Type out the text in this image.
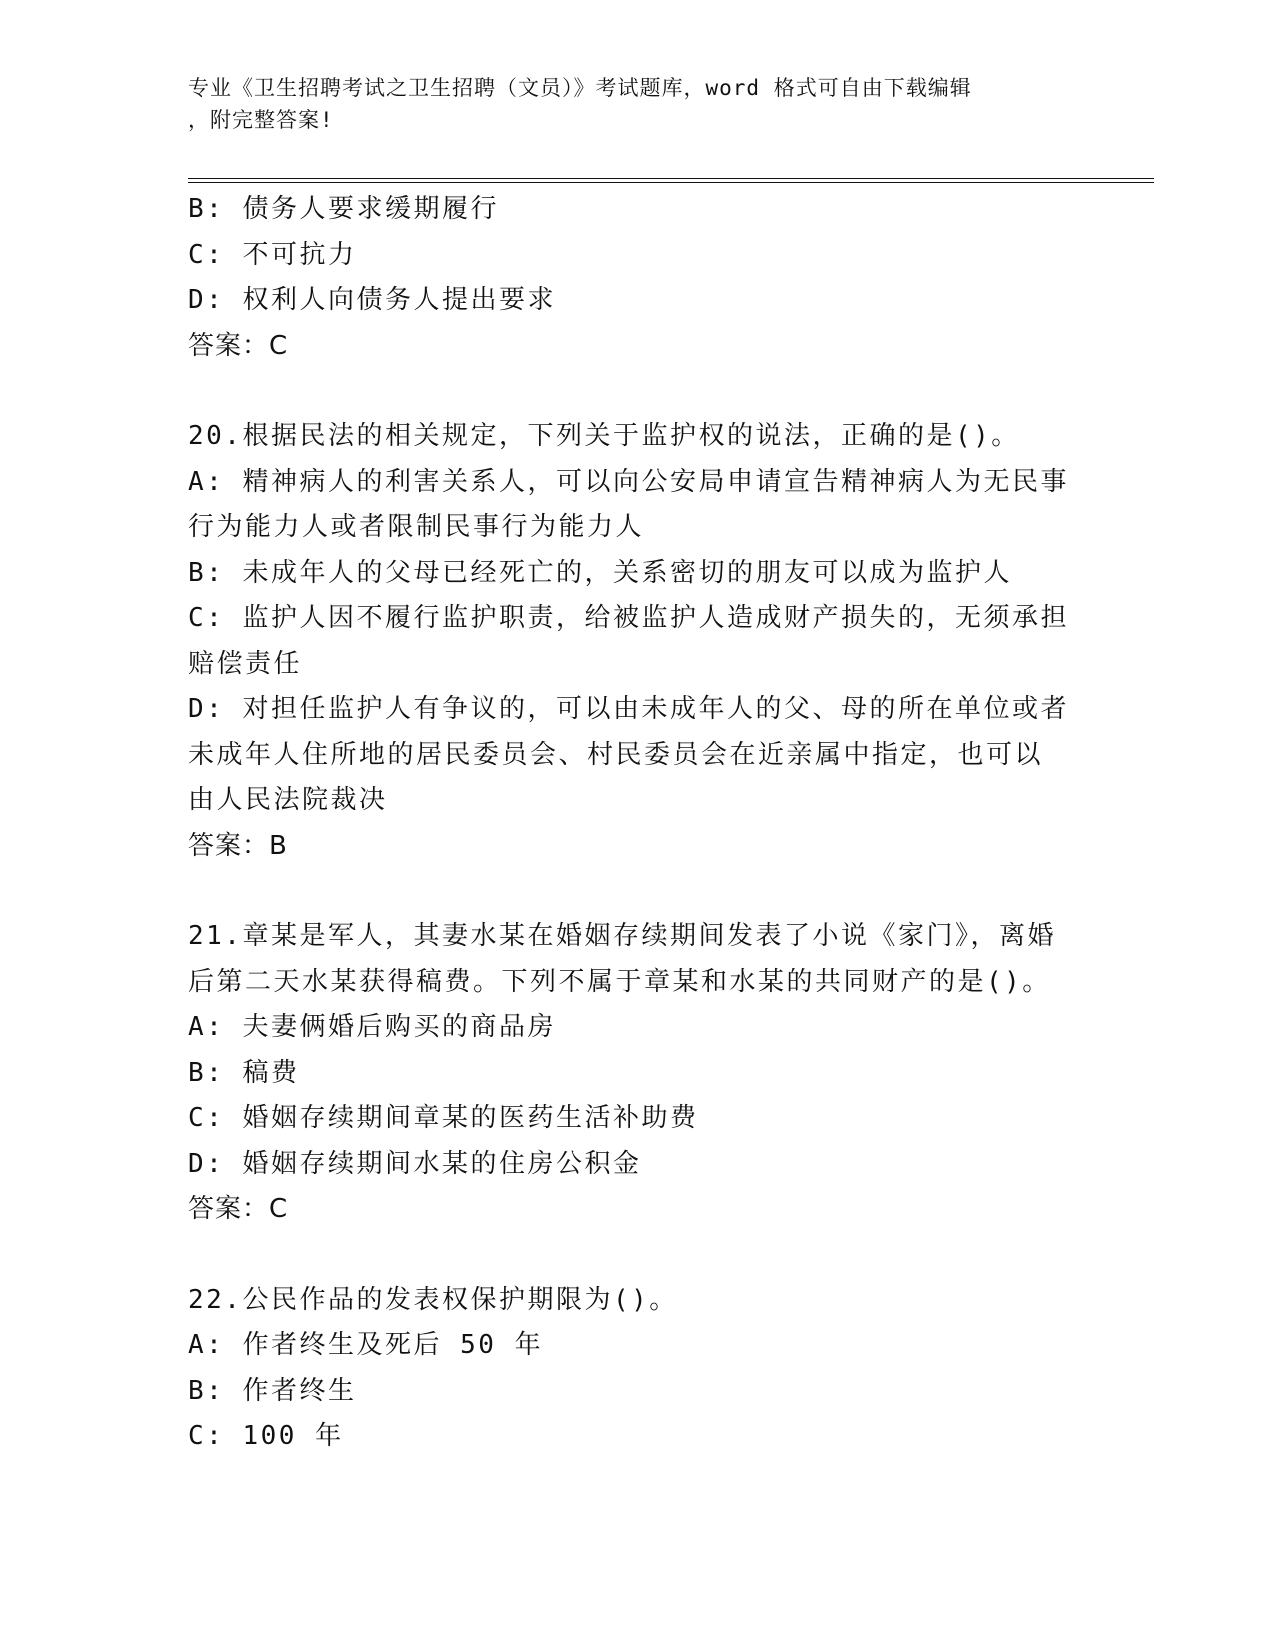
专业《卫生招聘考试之卫生招聘（文员）》考试题库，word 格式可自由下载编辑
，附完整答案!
B: 债务人要求缓期履行
C: 不可抗力
D: 权利人向债务人提出要求
答案：C
20.根据民法的相关规定，下列关于监护权的说法，正确的是()。
A: 精神病人的利害关系人，可以向公安局申请宣告精神病人为无民事
行为能力人或者限制民事行为能力人
B: 未成年人的父母已经死亡的，关系密切的朋友可以成为监护人
C: 监护人因不履行监护职责，给被监护人造成财产损失的，无须承担
赔偿责任
D: 对担任监护人有争议的，可以由未成年人的父、母的所在单位或者
未成年人住所地的居民委员会、村民委员会在近亲属中指定，也可以
由人民法院裁决
答案：B
21.章某是军人，其妻水某在婚姻存续期间发表了小说《家门》，离婚
后第二天水某获得稿费。下列不属于章某和水某的共同财产的是()。
A: 夫妻俩婚后购买的商品房
B: 稿费
C: 婚姻存续期间章某的医药生活补助费
D: 婚姻存续期间水某的住房公积金
答案：C
22.公民作品的发表权保护期限为()。
A: 作者终生及死后 50 年
B: 作者终生
C: 100 年
